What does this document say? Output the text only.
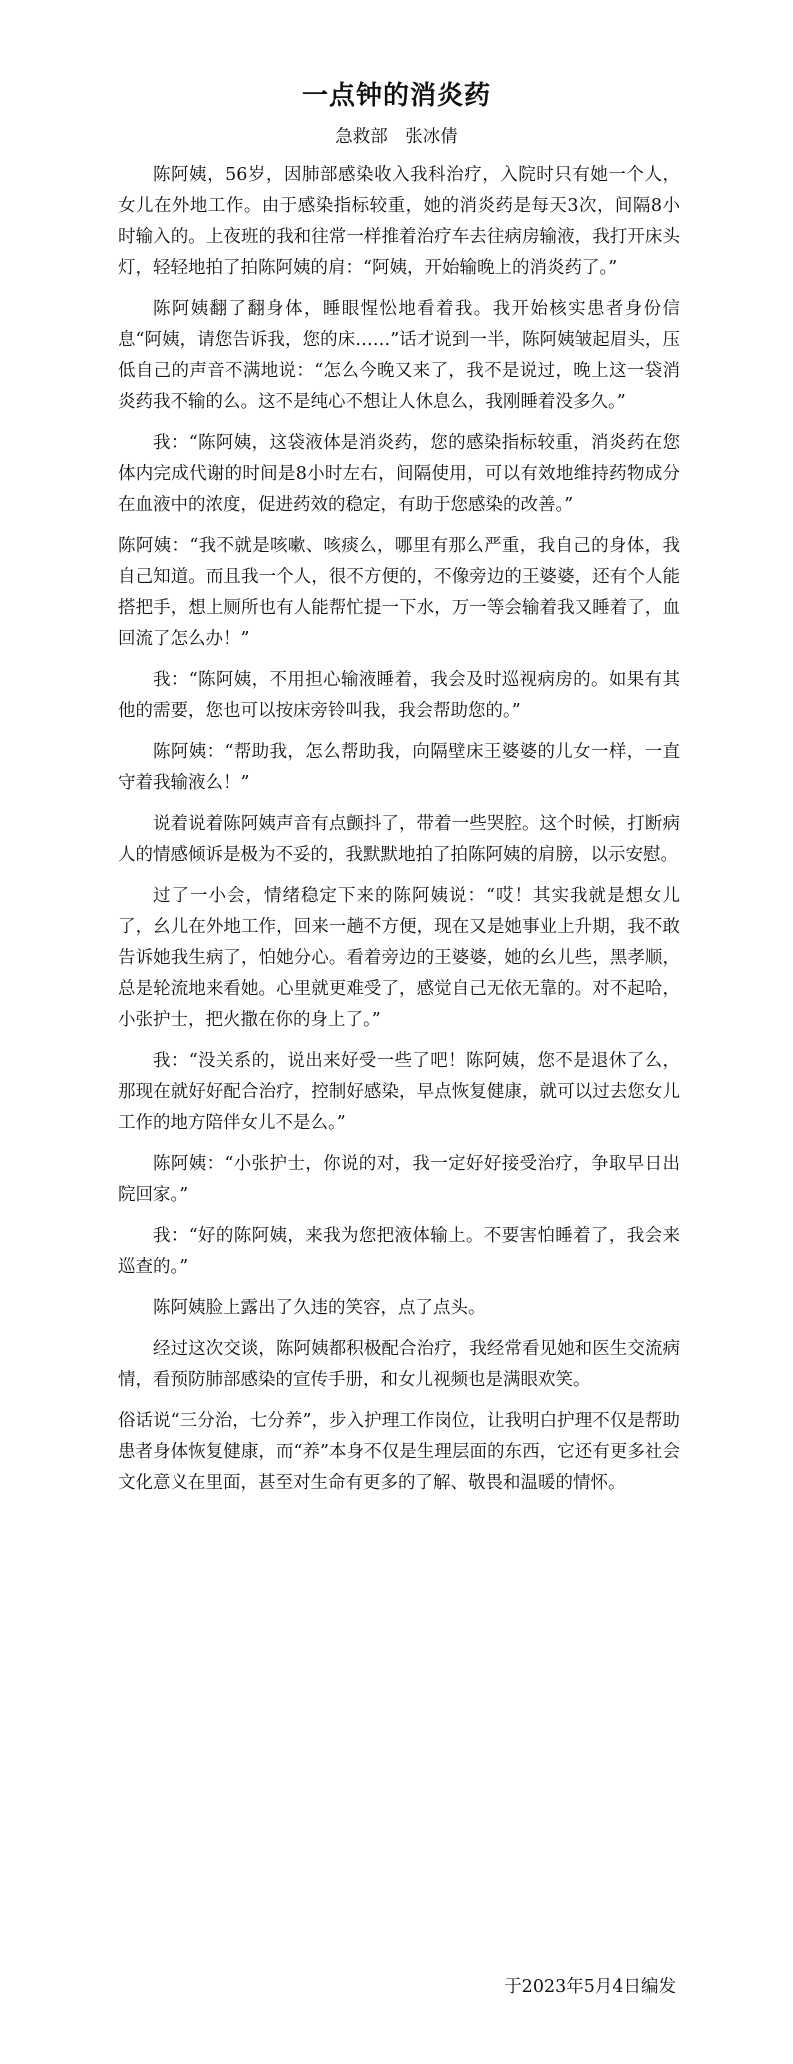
一点钟的消炎药
急救部　张冰倩

陈阿姨，56岁，因肺部感染收入我科治疗，入院时只有她一个人，女儿在外地工作。由于感染指标较重，她的消炎药是每天3次，间隔8小时输入的。上夜班的我和往常一样推着治疗车去往病房输液，我打开床头灯，轻轻地拍了拍陈阿姨的肩：“阿姨，开始输晚上的消炎药了。”

陈阿姨翻了翻身体，睡眼惺忪地看着我。我开始核实患者身份信息“阿姨，请您告诉我，您的床……”话才说到一半，陈阿姨皱起眉头，压低自己的声音不满地说：“怎么今晚又来了，我不是说过，晚上这一袋消炎药我不输的么。这不是纯心不想让人休息么，我刚睡着没多久。”

我：“陈阿姨，这袋液体是消炎药，您的感染指标较重，消炎药在您体内完成代谢的时间是8小时左右，间隔使用，可以有效地维持药物成分在血液中的浓度，促进药效的稳定，有助于您感染的改善。”

陈阿姨：“我不就是咳嗽、咳痰么，哪里有那么严重，我自己的身体，我自己知道。而且我一个人，很不方便的，不像旁边的王婆婆，还有个人能搭把手，想上厕所也有人能帮忙提一下水，万一等会输着我又睡着了，血回流了怎么办！”

我：“陈阿姨，不用担心输液睡着，我会及时巡视病房的。如果有其他的需要，您也可以按床旁铃叫我，我会帮助您的。”

陈阿姨：“帮助我，怎么帮助我，向隔壁床王婆婆的儿女一样，一直守着我输液么！”

说着说着陈阿姨声音有点颤抖了，带着一些哭腔。这个时候，打断病人的情感倾诉是极为不妥的，我默默地拍了拍陈阿姨的肩膀，以示安慰。

过了一小会，情绪稳定下来的陈阿姨说：“哎！其实我就是想女儿了，幺儿在外地工作，回来一趟不方便，现在又是她事业上升期，我不敢告诉她我生病了，怕她分心。看着旁边的王婆婆，她的幺儿些，黑孝顺，总是轮流地来看她。心里就更难受了，感觉自己无依无靠的。对不起哈，小张护士，把火撒在你的身上了。”

我：“没关系的，说出来好受一些了吧！陈阿姨，您不是退休了么，那现在就好好配合治疗，控制好感染，早点恢复健康，就可以过去您女儿工作的地方陪伴女儿不是么。”

陈阿姨：“小张护士，你说的对，我一定好好接受治疗，争取早日出院回家。”

我：“好的陈阿姨，来我为您把液体输上。不要害怕睡着了，我会来巡查的。”

陈阿姨脸上露出了久违的笑容，点了点头。

经过这次交谈，陈阿姨都积极配合治疗，我经常看见她和医生交流病情，看预防肺部感染的宣传手册，和女儿视频也是满眼欢笑。

俗话说“三分治，七分养”，步入护理工作岗位，让我明白护理不仅是帮助患者身体恢复健康，而“养”本身不仅是生理层面的东西，它还有更多社会文化意义在里面，甚至对生命有更多的了解、敬畏和温暖的情怀。

于2023年5月4日编发
